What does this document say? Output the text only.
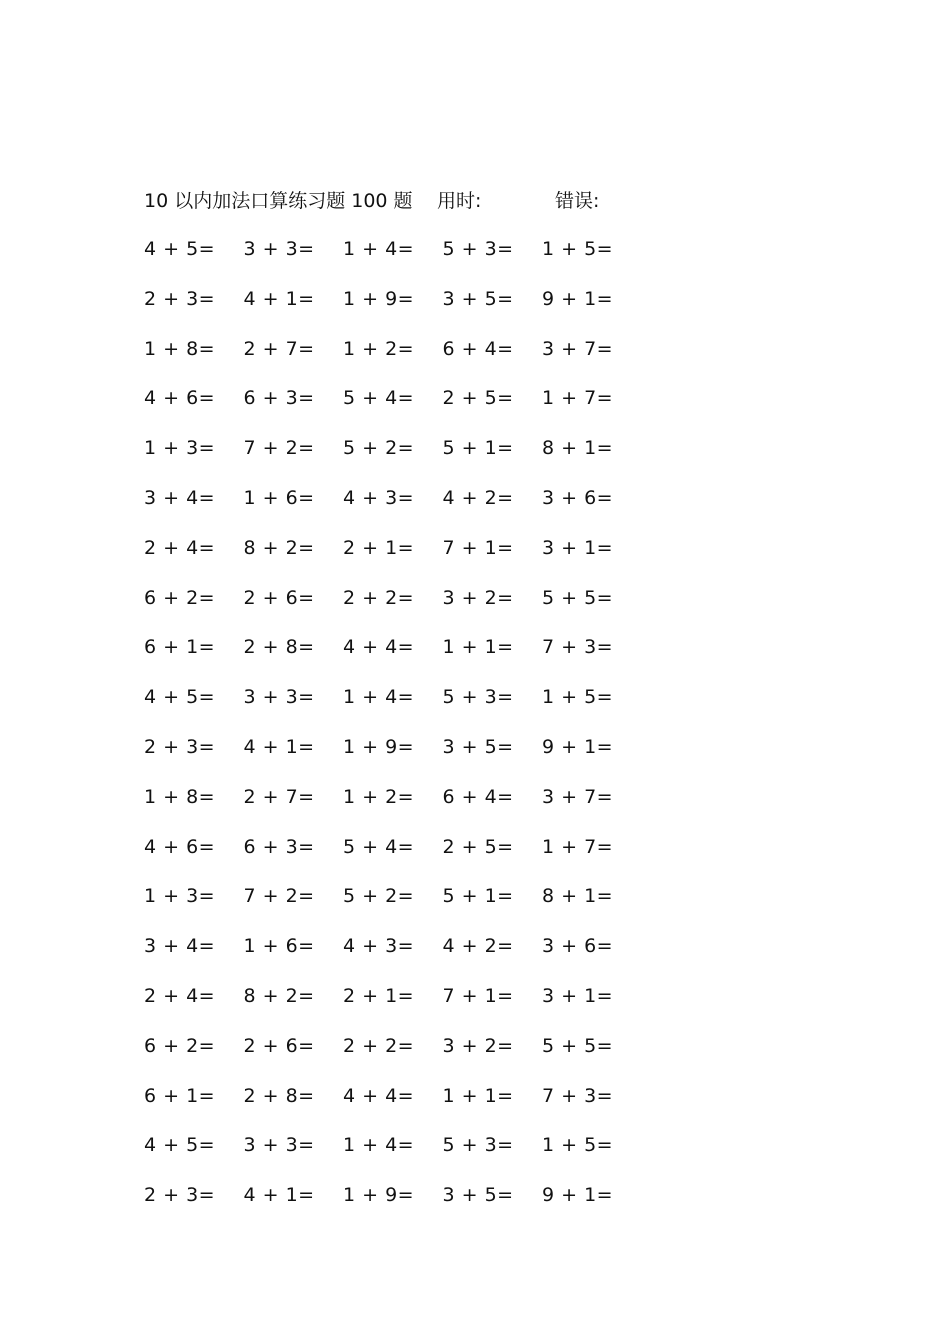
10 以内加法口算练习题 100 题 用时:	错误:
4 + 5=	3 + 3=	1 + 4=	5 + 3=	1 + 5=
2 + 3=	4 + 1=	1 + 9=	3 + 5=	9 + 1=
1 + 8=	2 + 7=	1 + 2=	6 + 4=	3 + 7=
4 + 6=	6 + 3=	5 + 4=	2 + 5=	1 + 7=
1 + 3=	7 + 2=	5 + 2=	5 + 1=	8 + 1=
3 + 4=	1 + 6=	4 + 3=	4 + 2=	3 + 6=
2 + 4=	8 + 2=	2 + 1=	7 + 1=	3 + 1=
6 + 2=	2 + 6=	2 + 2=	3 + 2=	5 + 5=
6 + 1=	2 + 8=	4 + 4=	1 + 1=	7 + 3=
4 + 5=	3 + 3=	1 + 4=	5 + 3=	1 + 5=
2 + 3=	4 + 1=	1 + 9=	3 + 5=	9 + 1=
1 + 8=	2 + 7=	1 + 2=	6 + 4=	3 + 7=
4 + 6=	6 + 3=	5 + 4=	2 + 5=	1 + 7=
1 + 3=	7 + 2=	5 + 2=	5 + 1=	8 + 1=
3 + 4=	1 + 6=	4 + 3=	4 + 2=	3 + 6=
2 + 4=	8 + 2=	2 + 1=	7 + 1=	3 + 1=
6 + 2=	2 + 6=	2 + 2=	3 + 2=	5 + 5=
6 + 1=	2 + 8=	4 + 4=	1 + 1=	7 + 3=
4 + 5=	3 + 3=	1 + 4=	5 + 3=	1 + 5=
2 + 3=	4 + 1=	1 + 9=	3 + 5=	9 + 1=
